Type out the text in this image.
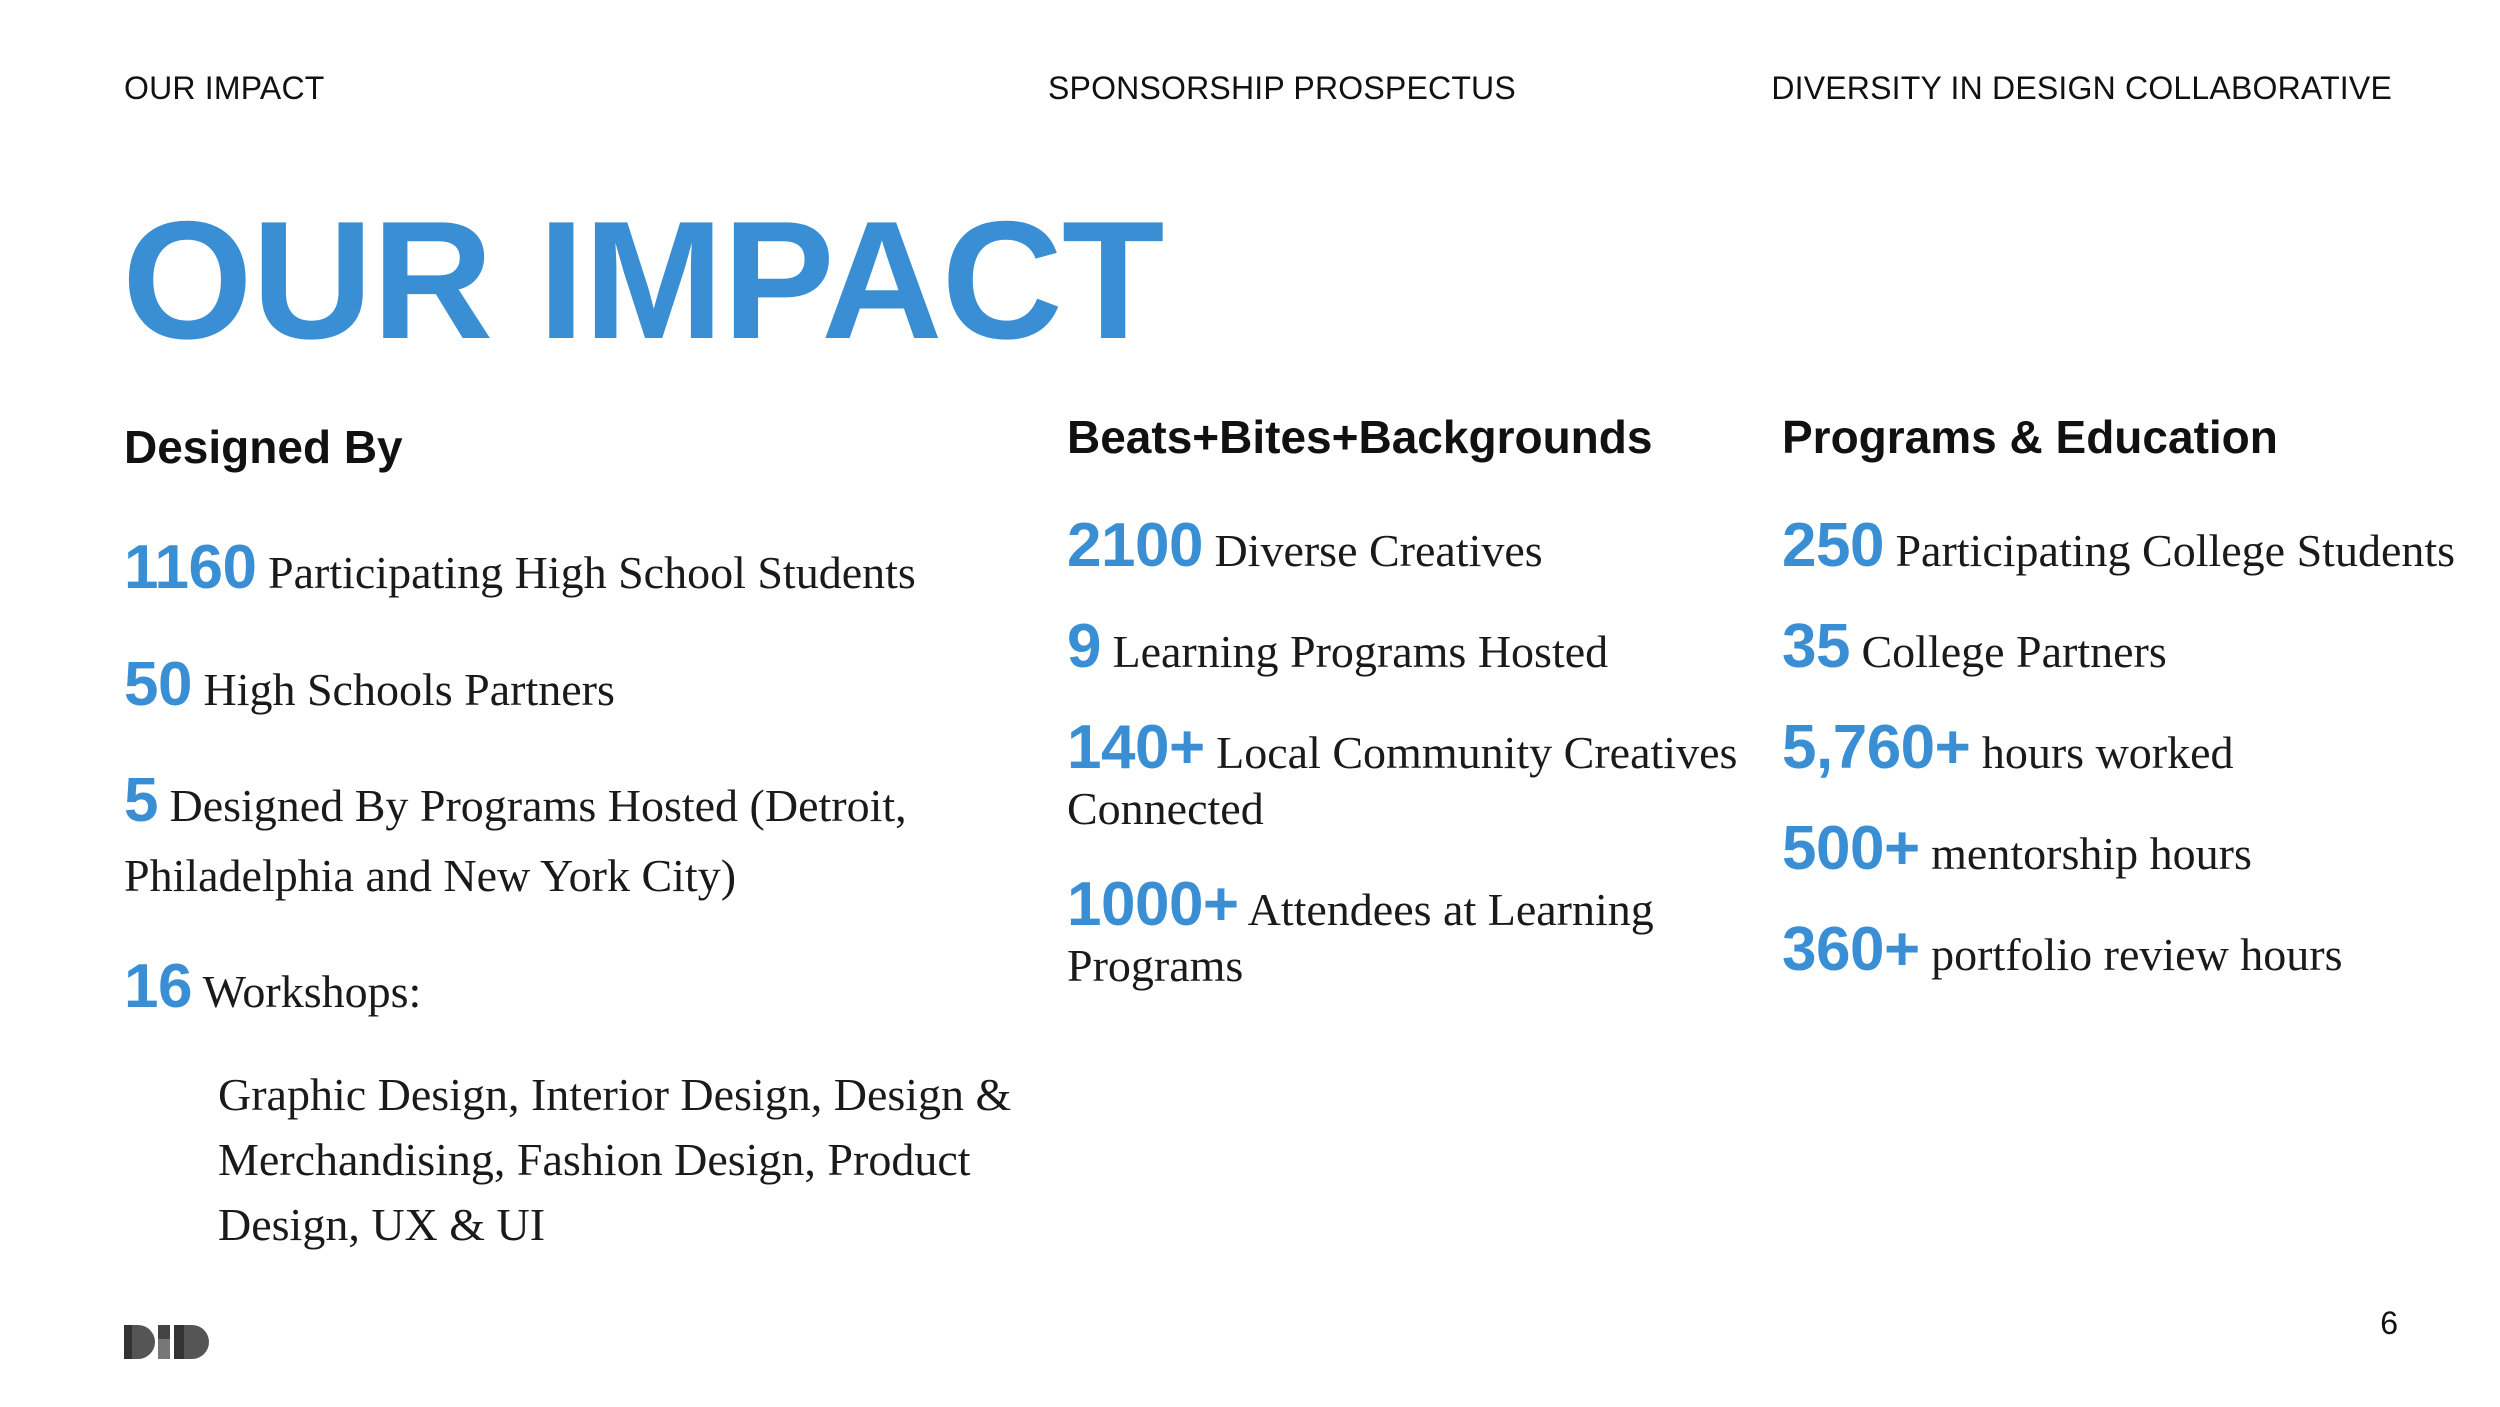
OUR IMPACT	SPONSORSHIP PROSPECTUS	DIVERSITY IN DESIGN COLLABORATIVE
OUR IMPACT
Designed By
1160 Participating High School Students
50 High Schools Partners
5 Designed By Programs Hosted (Detroit, Philadelphia and New York City)
16 Workshops:
Graphic Design, Interior Design, Design & Merchandising, Fashion Design, Product Design, UX & UI
Beats+Bites+Backgrounds
2100 Diverse Creatives
9 Learning Programs Hosted
140+ Local Community Creatives Connected
1000+ Attendees at Learning Programs
Programs & Education
250 Participating College Students
35 College Partners
5,760+ hours worked
500+ mentorship hours
360+ portfolio review hours
6
